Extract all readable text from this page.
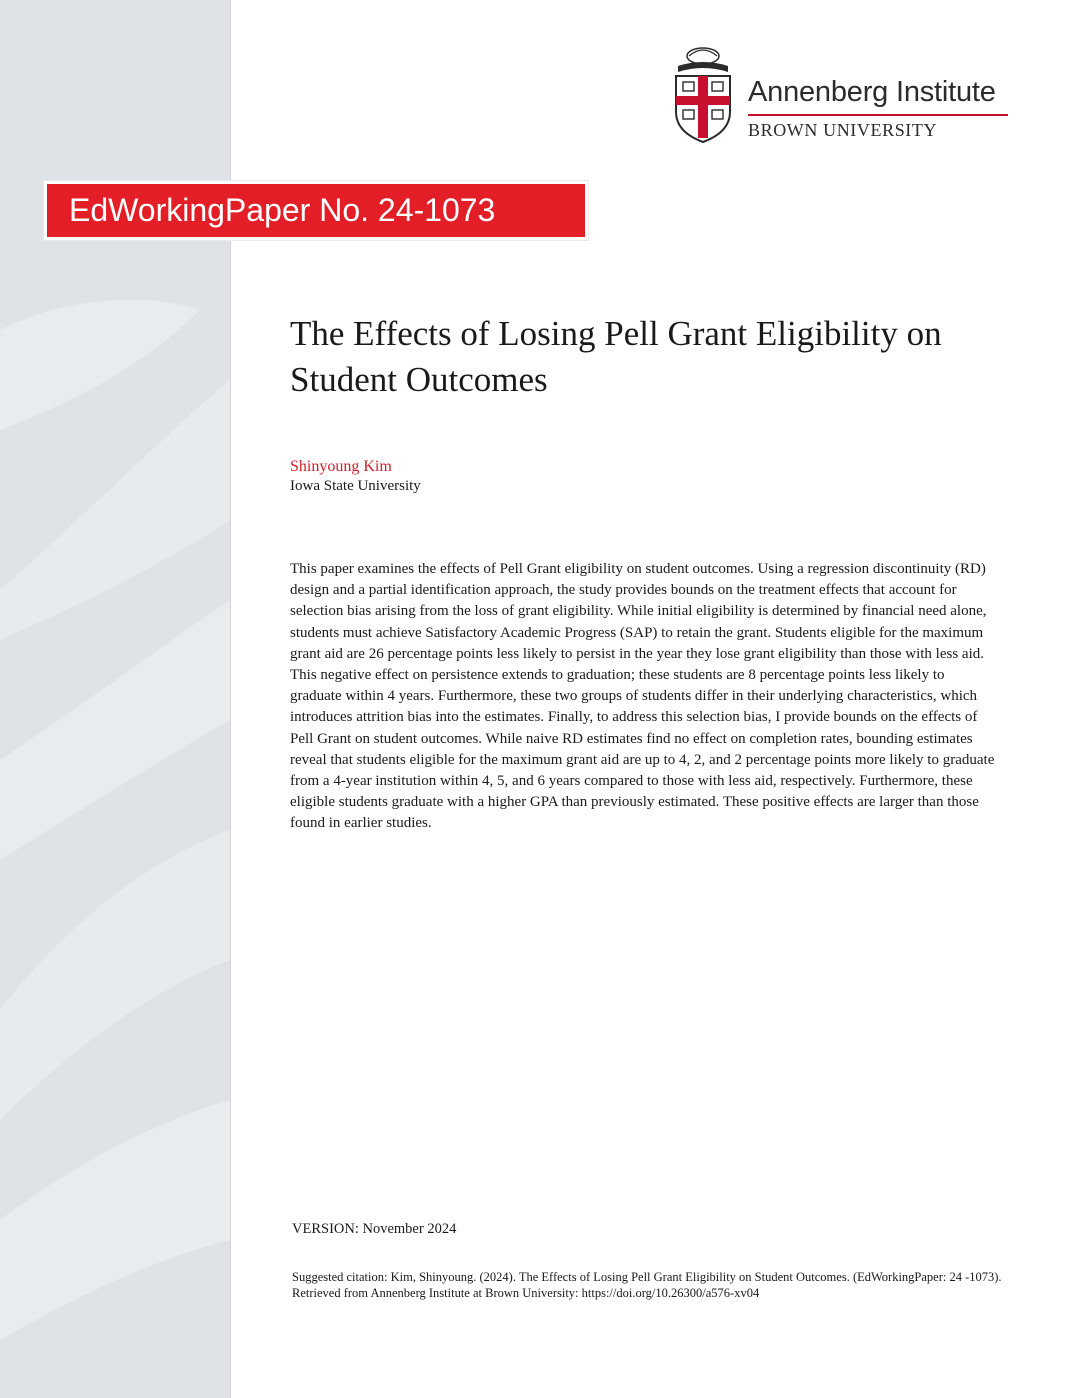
Annenberg Institute
BROWN UNIVERSITY
EdWorkingPaper No. 24-1073
The Effects of Losing Pell Grant Eligibility on Student Outcomes
Shinyoung Kim
Iowa State University

This paper examines the effects of Pell Grant eligibility on student outcomes. Using a regression discontinuity (RD) design and a partial identification approach, the study provides bounds on the treatment effects that account for selection bias arising from the loss of grant eligibility. While initial eligibility is determined by financial need alone, students must achieve Satisfactory Academic Progress (SAP) to retain the grant. Students eligible for the maximum grant aid are 26 percentage points less likely to persist in the year they lose grant eligibility than those with less aid. This negative effect on persistence extends to graduation; these students are 8 percentage points less likely to graduate within 4 years. Furthermore, these two groups of students differ in their underlying characteristics, which introduces attrition bias into the estimates. Finally, to address this selection bias, I provide bounds on the effects of Pell Grant on student outcomes. While naive RD estimates find no effect on completion rates, bounding estimates reveal that students eligible for the maximum grant aid are up to 4, 2, and 2 percentage points more likely to graduate from a 4-year institution within 4, 5, and 6 years compared to those with less aid, respectively. Furthermore, these eligible students graduate with a higher GPA than previously estimated. These positive effects are larger than those found in earlier studies.

VERSION: November 2024

Suggested citation: Kim, Shinyoung. (2024). The Effects of Losing Pell Grant Eligibility on Student Outcomes. (EdWorkingPaper: 24 -1073). Retrieved from Annenberg Institute at Brown University: https://doi.org/10.26300/a576-xv04
